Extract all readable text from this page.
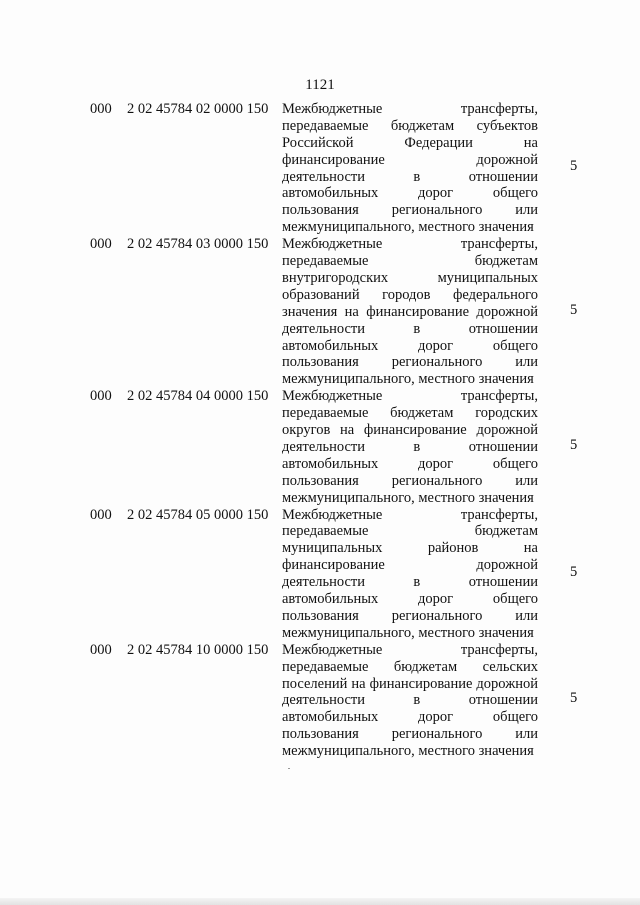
1121
000 2 02 45784 02 0000 150 Межбюджетные трансферты,
передаваемые бюджетам субъектов
Российской Федерации на
финансирование дорожной
деятельности в отношении
автомобильных дорог общего
пользования регионального или
межмуниципального, местного значения
5
000 2 02 45784 03 0000 150 Межбюджетные трансферты,
передаваемые бюджетам
внутригородских муниципальных
образований городов федерального
значения на финансирование дорожной
деятельности в отношении
автомобильных дорог общего
пользования регионального или
межмуниципального, местного значения
5
000 2 02 45784 04 0000 150 Межбюджетные трансферты,
передаваемые бюджетам городских
округов на финансирование дорожной
деятельности в отношении
автомобильных дорог общего
пользования регионального или
межмуниципального, местного значения
5
000 2 02 45784 05 0000 150 Межбюджетные трансферты,
передаваемые бюджетам
муниципальных районов на
финансирование дорожной
деятельности в отношении
автомобильных дорог общего
пользования регионального или
межмуниципального, местного значения
5
000 2 02 45784 10 0000 150 Межбюджетные трансферты,
передаваемые бюджетам сельских
поселений на финансирование дорожной
деятельности в отношении
автомобильных дорог общего
пользования регионального или
межмуниципального, местного значения
5
